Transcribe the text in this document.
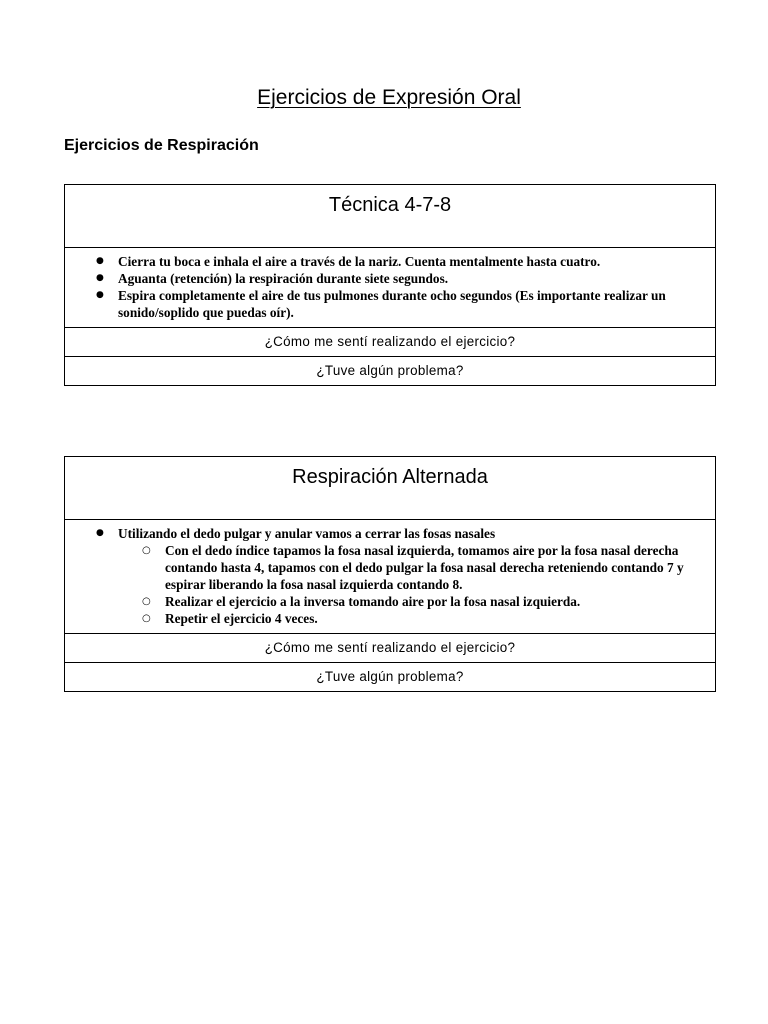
Ejercicios de Expresión Oral
Ejercicios de Respiración
Técnica 4-7-8

● Cierra tu boca e inhala el aire a través de la nariz. Cuenta mentalmente hasta cuatro.
● Aguanta (retención) la respiración durante siete segundos.
● Espira completamente el aire de tus pulmones durante ocho segundos (Es importante realizar un sonido/soplido que puedas oír).

¿Cómo me sentí realizando el ejercicio?
¿Tuve algún problema?
Respiración Alternada

● Utilizando el dedo pulgar y anular vamos a cerrar las fosas nasales
○ Con el dedo índice tapamos la fosa nasal izquierda, tomamos aire por la fosa nasal derecha contando hasta 4, tapamos con el dedo pulgar la fosa nasal derecha reteniendo contando 7 y espirar liberando la fosa nasal izquierda contando 8.
○ Realizar el ejercicio a la inversa tomando aire por la fosa nasal izquierda.
○ Repetir el ejercicio 4 veces.

¿Cómo me sentí realizando el ejercicio?
¿Tuve algún problema?
